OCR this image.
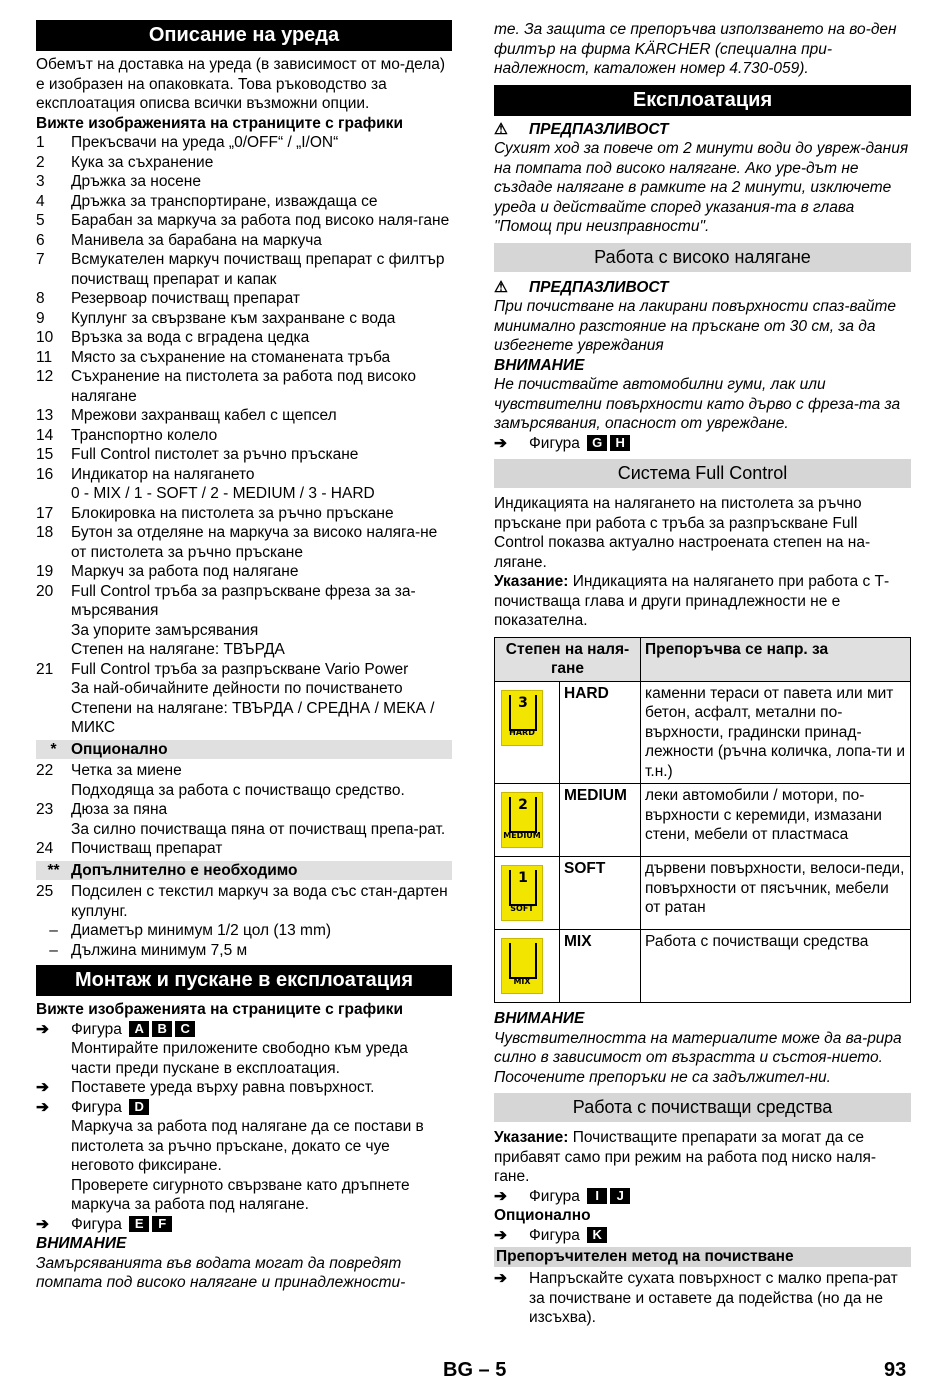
Описание на уреда

Обемът на доставка на уреда (в зависимост от мо-дела) е изобразен на опаковката. Това ръководство за експлоатация описва всички възможни опции.

Вижте изображенията на страниците с графики

1	Прекъсвачи на уреда „0/OFF“ / „I/ON“
2	Кука за съхранение
3	Дръжка за носене
4	Дръжка за транспортиране, изваждаща се
5	Барабан за маркуча за работа под високо наля-гане
6	Манивела за барабана на маркуча
7	Всмукателен маркуч почистващ препарат с филтър почистващ препарат и капак
8	Резервоар почистващ препарат
9	Куплунг за свързване към захранване с вода
10	Връзка за вода с вградена цедка
11	Място за съхранение на стоманената тръба
12	Съхранение на пистолета за работа под високо налягане
13	Мрежови захранващ кабел с щепсел
14	Транспортно колело
15	Full Control пистолет за ръчно пръскане
16	Индикатор на налягането
0 - MIX / 1 - SOFT / 2 - MEDIUM / 3 - HARD
17	Блокировка на пистолета за ръчно пръскане
18	Бутон за отделяне на маркуча за високо наляга-не от пистолета за ръчно пръскане
19	Маркуч за работа под налягане
20	Full Control тръба за разпръскване фреза за за-мърсявания
За упорите замърсявания
Степен на налягане: ТВЪРДА
21	Full Control тръба за разпръскване Vario Power
За най-обичайните дейности по почистването
Степени на налягане: ТВЪРДА / СРЕДНА / МЕКА / МИКС
* Опционално
22	Четка за миене
Подходяща за работа с почистващо средство.
23	Дюза за пяна
За силно почистваща пяна от почистващ препа-рат.
24	Почистващ препарат
** Допълнително е необходимо
25	Подсилен с текстил маркуч за вода със стан-дартен куплунг.
– Диаметър минимум 1/2 цол (13 mm)
– Дължина минимум 7,5 м
Монтаж и пускане в експлоатация

Вижте изображенията на страниците с графики

➔	Фигура A B C

Монтирайте приложените свободно към уреда части преди пускане в експлоатация.

➔	Поставете уреда върху равна повърхност.
➔	Фигура D

Маркуча за работа под налягане да се постави в пистолета за ръчно пръскане, докато се чуе неговото фиксиране.

Проверете сигурното свързване като дръпнете маркуча за работа под налягане.

➔	Фигура E F

ВНИМАНИЕ

Замърсяванията във водата могат да повредят помпата под високо налягане и принадлежности-

те. За защита се препоръчва използването на во-ден филтър на фирма KÄRCHER (специална при-надлежност, каталожен номер 4.730-059).

Експлоатация
⚠	ПРЕДПАЗЛИВОСТ

Сухият ход за повече от 2 минути води до увреж-дания на помпата под високо налягане. Ако уре-дът не създаде налягане в рамките на 2 минути, изключете уреда и действайте според указания-та в глава "Помощ при неизправности".

Работа с високо налягане
⚠	ПРЕДПАЗЛИВОСТ

При почистване на лакирани повърхности спаз-вайте минимално разстояние на пръскане от 30 см, за да избегнете увреждания

ВНИМАНИЕ

Не почиствайте автомобилни гуми, лак или чувствителни повърхности като дърво с фреза-та за замърсявания, опасност от увреждане.

➔	Фигура G H
Система Full Control

Индикацията на налягането на пистолета за ръчно пръскане при работа с тръба за разпръскване Full Control показва актуално настроената степен на на-лягане.

Указание: Индикацията на налягането при работа с Т-почистваща глава и други принадлежности не е показателна.

Степен на наля-гане		Препоръчва се напр. за

3
HARD	HARD	каменни тераси от павета или мит бетон, асфалт, метални по-върхности, градински принад-лежности (ръчна количка, лопа-ти и т.н.)

2
MEDIUM	MEDIUM	леки автомобили / мотори, по-върхности с керемиди, измазани стени, мебели от пластмаса

1
SOFT	SOFT	дървени повърхности, велоси-педи, повърхности от пясъчник, мебели от ратан

MIX	MIX	Работа с почистващи средства

ВНИМАНИЕ

Чувствителността на материалите може да ва-рира силно в зависимост от възрастта и състоя-нието. Посочените препоръки не са задължител-ни.

Работа с почистващи средства

Указание: Почистващите препарати за могат да се прибавят само при режим на работа под ниско наля-гане.

➔	Фигура I J

Опционално

➔	Фигура K
Препоръчителен метод на почистване
➔	Напръскайте сухата повърхност с малко препа-рат за почистване и оставете да подейства (но да не изсъхва).
BG – 5	93
